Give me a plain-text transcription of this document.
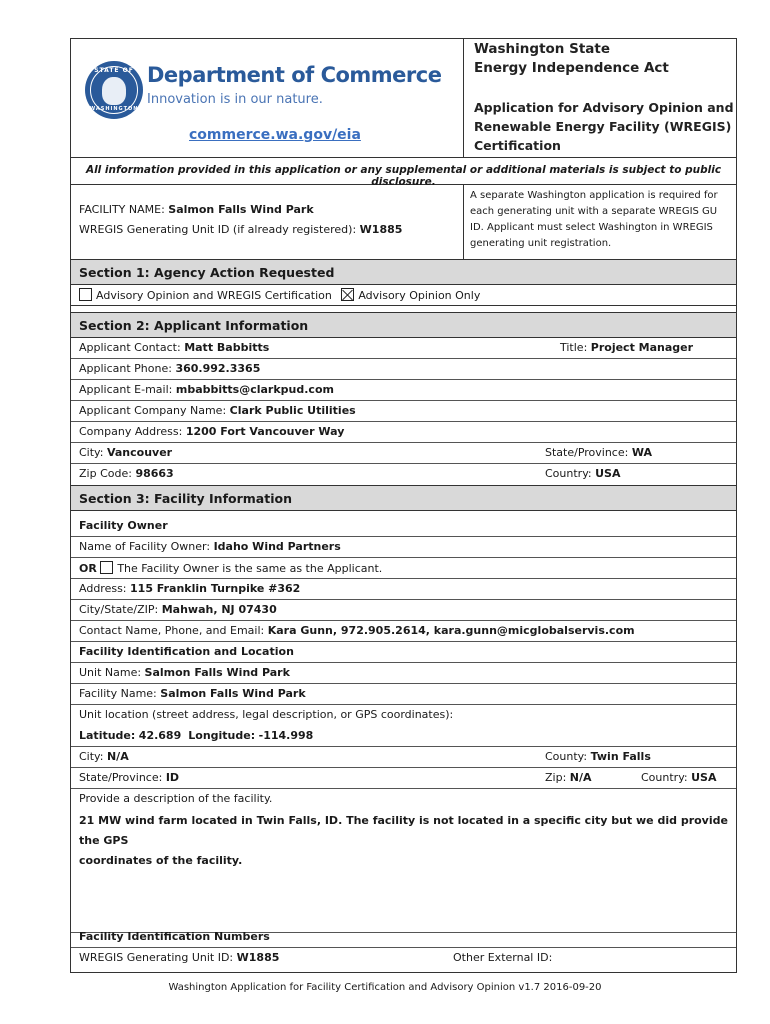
STATE OF
WASHINGTON
Department of Commerce
Innovation is in our nature.
commerce.wa.gov/eia
Washington State
Energy Independence Act
Application for Advisory Opinion and
Renewable Energy Facility (WREGIS)
Certification
All information provided in this application or any supplemental or additional materials is subject to public disclosure.
FACILITY NAME: Salmon Falls Wind Park
WREGIS Generating Unit ID (if already registered): W1885
A separate Washington application is required for
each generating unit with a separate WREGIS GU
ID. Applicant must select Washington in WREGIS
generating unit registration.
Section 1: Agency Action Requested
Advisory Opinion and WREGIS Certification Advisory Opinion Only
Section 2: Applicant Information
Applicant Contact: Matt Babbitts	Title: Project Manager
Applicant Phone: 360.992.3365
Applicant E-mail: mbabbitts@clarkpud.com
Applicant Company Name: Clark Public Utilities
Company Address: 1200 Fort Vancouver Way
City: Vancouver	State/Province: WA
Zip Code: 98663	Country: USA
Section 3: Facility Information
Facility Owner
Name of Facility Owner: Idaho Wind Partners
OR The Facility Owner is the same as the Applicant.
Address: 115 Franklin Turnpike #362
City/State/ZIP: Mahwah, NJ 07430
Contact Name, Phone, and Email: Kara Gunn, 972.905.2614, kara.gunn@micglobalservis.com
Facility Identification and Location
Unit Name: Salmon Falls Wind Park
Facility Name: Salmon Falls Wind Park
Unit location (street address, legal description, or GPS coordinates):
Latitude: 42.689 Longitude: -114.998
City: N/A	County: Twin Falls
State/Province: ID	Zip: N/A	Country: USA
Provide a description of the facility.
21 MW wind farm located in Twin Falls, ID. The facility is not located in a specific city but we did provide the GPS
coordinates of the facility.
Facility Identification Numbers
WREGIS Generating Unit ID: W1885	Other External ID:
Washington Application for Facility Certification and Advisory Opinion v1.7 2016-09-20
